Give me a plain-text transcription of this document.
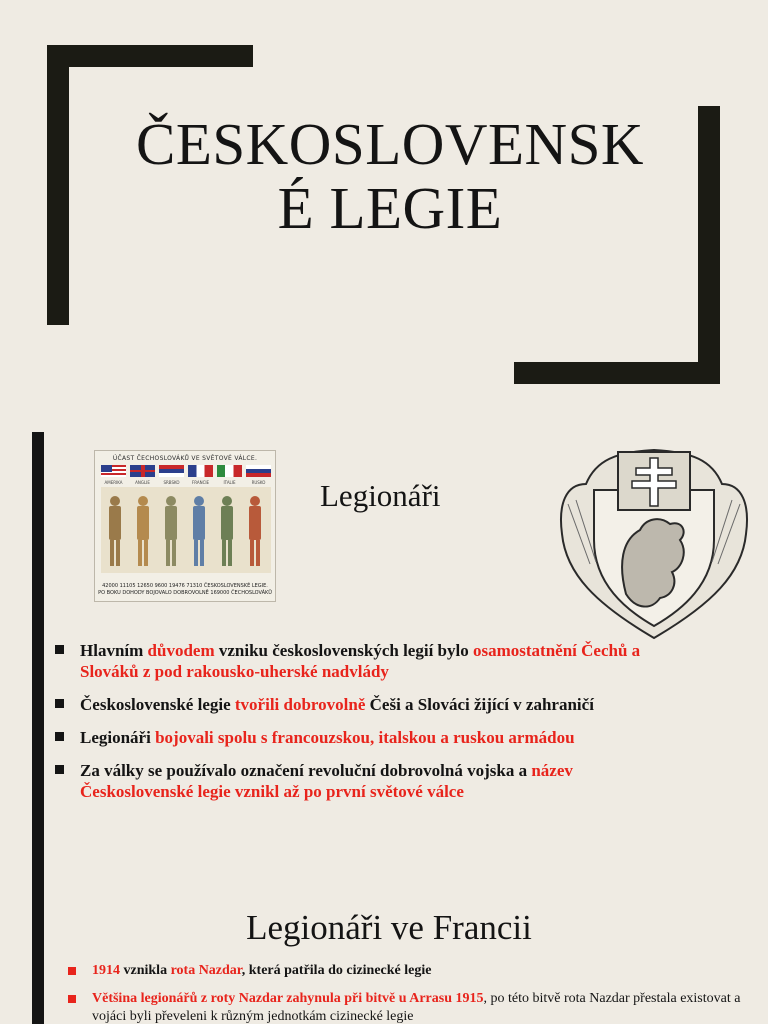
ČESKOSLOVENSK
É LEGIE
ÚČAST ČECHOSLOVÁKŮ VE SVĚTOVÉ VÁLCE.
AMERIKA	ANGLIE	SRBSKO	FRANCIE	ITALIE	RUSKO
42000 11105 12650 9600 19476 71310 ČESKOSLOVENSKÉ LEGIE.
PO BOKU DOHODY BOJOVALO DOBROVOLNĚ 169000 ČECHOSLOVÁKŮ
Legionáři
Hlavním důvodem vzniku československých legií bylo osamostatnění Čechů a Slováků z pod rakousko-uherské nadvlády
Československé legie tvořili dobrovolně Češi a Slováci žijící v zahraničí
Legionáři bojovali spolu s francouzskou, italskou a ruskou armádou
Za války se používalo označení revoluční dobrovolná vojska a název Československé legie vznikl až po první světové válce
Legionáři ve Francii
1914 vznikla rota Nazdar, která patřila do cizinecké legie
Většina legionářů z roty Nazdar zahynula při bitvě u Arrasu 1915, po této bitvě rota Nazdar přestala existovat a vojáci byli převeleni k různým jednotkám cizinecké legie
